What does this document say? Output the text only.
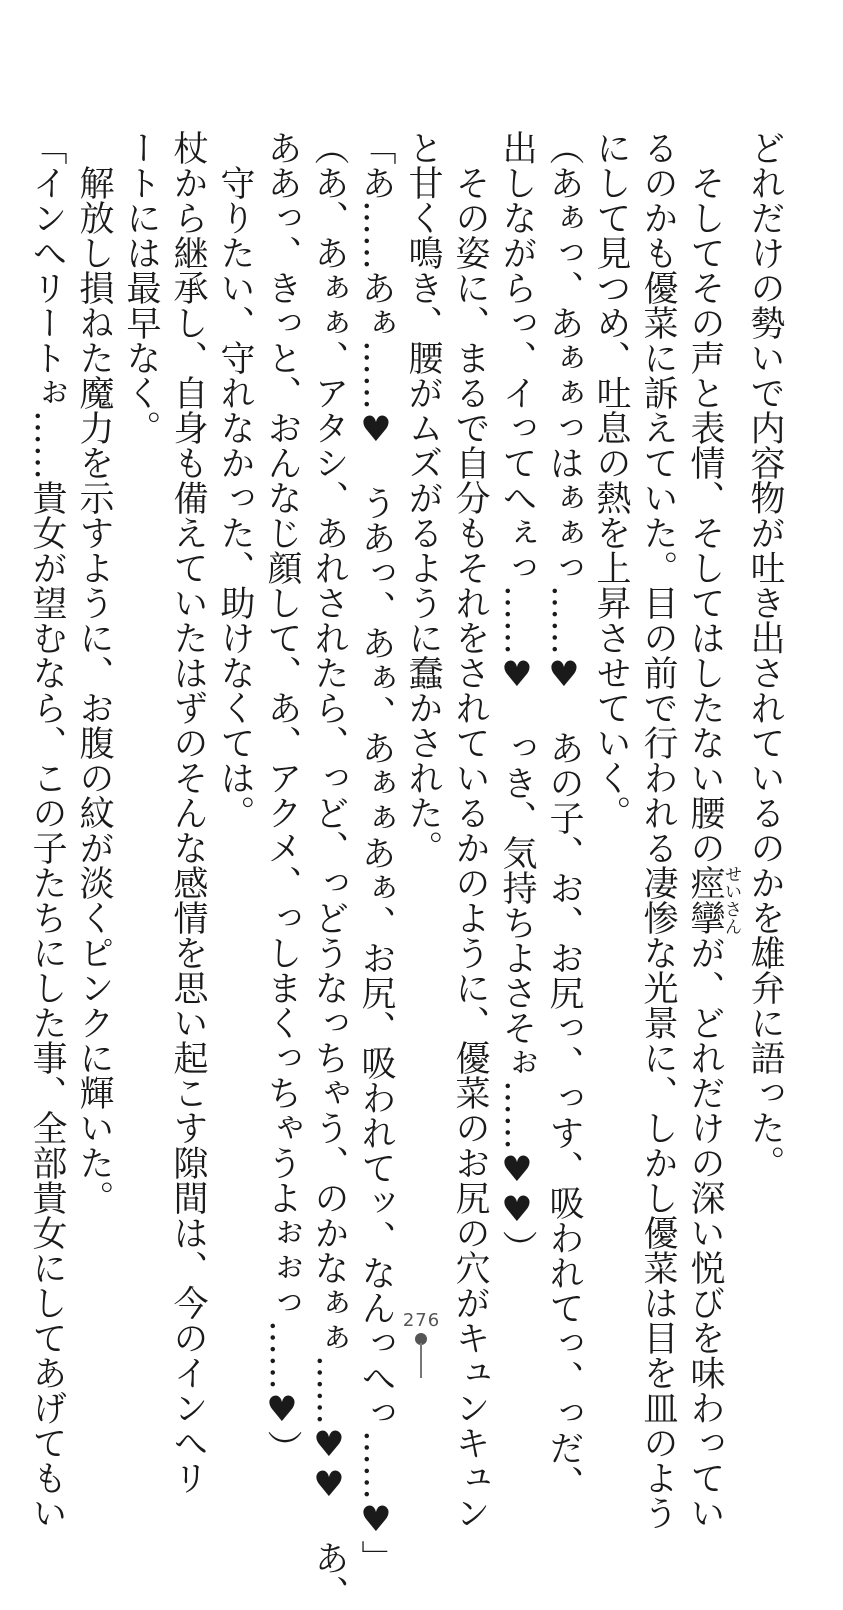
どれだけの勢いで内容物が吐き出されているのかを雄弁に語った。
そしてその声と表情、そしてはしたない腰の痙攣せいさんが、どれだけの深い悦びを味わってい
るのかも優菜に訴えていた。目の前で行われる凄惨な光景に、しかし優菜は目を皿のよう
にして見つめ、吐息の熱を上昇させていく。
（あぁっ、あぁぁっはぁぁっ……♥　あの子、お、お尻っ、っす、吸われてっ、っだ、
出しながらっ、イってへぇっ……♥　っき、気持ちよさそぉ……♥♥）
その姿に、まるで自分もそれをされているかのように、優菜のお尻の穴がキュンキュン
と甘く鳴き、腰がムズがるように蠢かされた。
「あ……あぁ……♥　うあっ、あぁ、あぁぁあぁ、お尻、吸われてッ、なんっへっ……♥」
（あ、あぁぁ、アタシ、あれされたら、っど、っどうなっちゃう、のかなぁぁ……♥♥　あ、
ああっ、きっと、おんなじ顔して、あ、アクメ、っしまくっちゃうよぉぉっ……♥）
守りたい、守れなかった、助けなくては。
杖から継承し、自身も備えていたはずのそんな感情を思い起こす隙間は、今のインへリ
ートには最早なく。
解放し損ねた魔力を示すように、お腹の紋が淡くピンクに輝いた。
「インへリートぉ……貴女が望むなら、この子たちにした事、全部貴女にしてあげてもい	276
